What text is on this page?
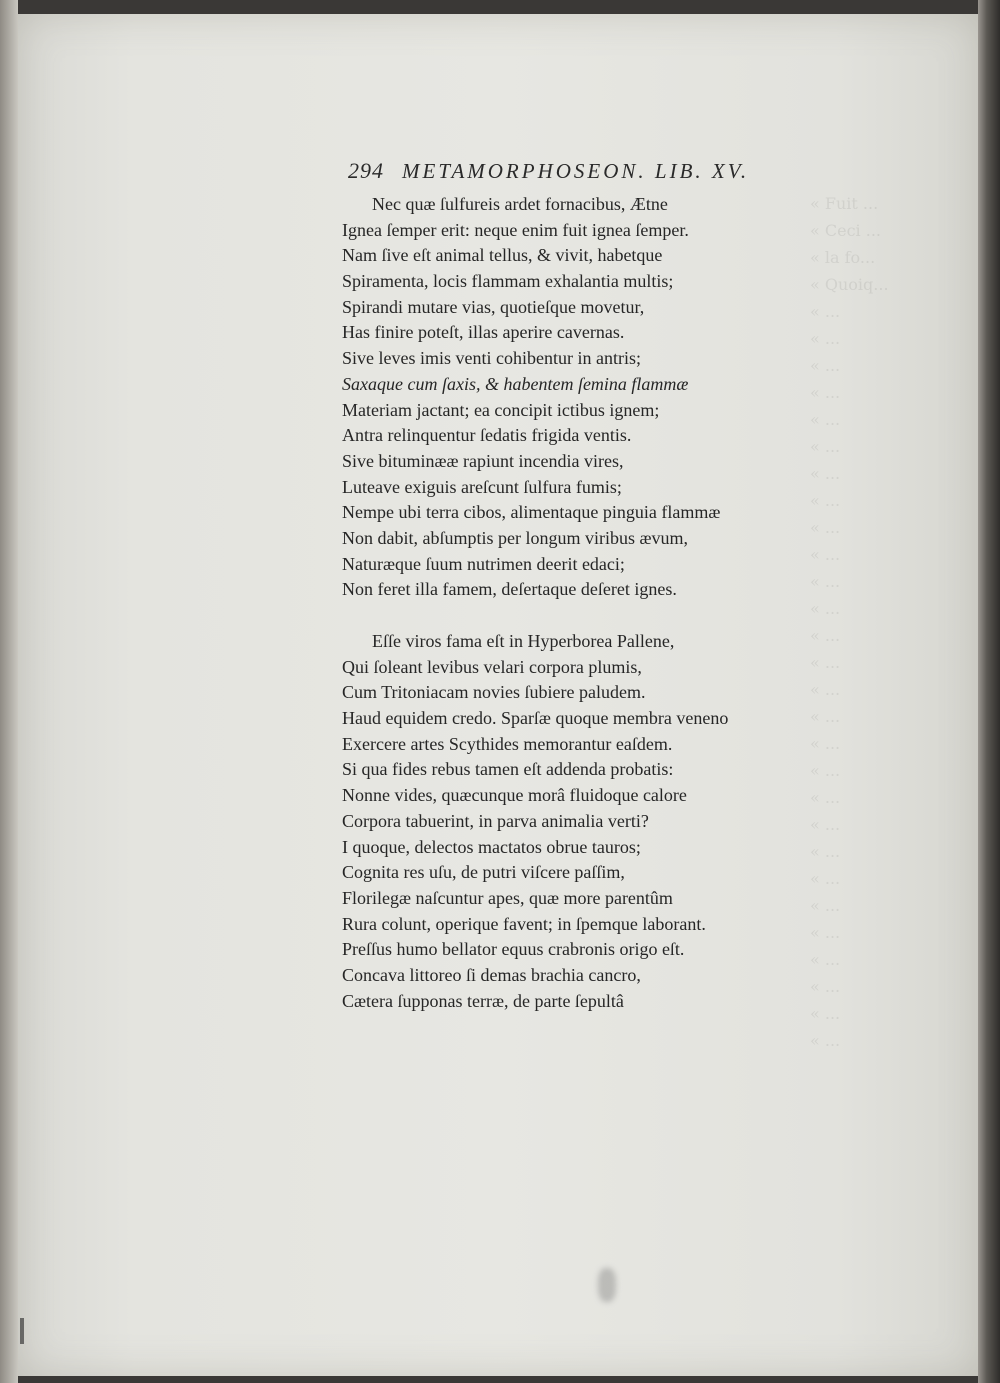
« Fuit ...
« Ceci ...
« la fo...
« Quoiq...
« ...
« ...
« ...
« ...
« ...
« ...
« ...
« ...
« ...
« ...
« ...
« ...
« ...
« ...
« ...
« ...
« ...
« ...
« ...
« ...
« ...
« ...
« ...
« ...
« ...
« ...
« ...
« ...
294 METAMORPHOSEON. LIB. XV.
Nec quæ ſulfureis ardet fornacibus, Ætne
Ignea ſemper erit: neque enim fuit ignea ſemper.
Nam ſive eſt animal tellus, & vivit, habetque
Spiramenta, locis flammam exhalantia multis;
Spirandi mutare vias, quotieſque movetur,
Has finire poteſt, illas aperire cavernas.
Sive leves imis venti cohibentur in antris;
Saxaque cum ſaxis, & habentem ſemina flammæ
Materiam jactant; ea concipit ictibus ignem;
Antra relinquentur ſedatis frigida ventis.
Sive bituminææ rapiunt incendia vires,
Luteave exiguis areſcunt ſulfura fumis;
Nempe ubi terra cibos, alimentaque pinguia flammæ
Non dabit, abſumptis per longum viribus ævum,
Naturæque ſuum nutrimen deerit edaci;
Non feret illa famem, deſertaque deſeret ignes.
Eſſe viros fama eſt in Hyperborea Pallene,
Qui ſoleant levibus velari corpora plumis,
Cum Tritoniacam novies ſubiere paludem.
Haud equidem credo. Sparſæ quoque membra veneno
Exercere artes Scythides memorantur eaſdem.
Si qua fides rebus tamen eſt addenda probatis:
Nonne vides, quæcunque morâ fluidoque calore
Corpora tabuerint, in parva animalia verti?
I quoque, delectos mactatos obrue tauros;
Cognita res uſu, de putri viſcere paſſim,
Florilegæ naſcuntur apes, quæ more parentûm
Rura colunt, operique favent; in ſpemque laborant.
Preſſus humo bellator equus crabronis origo eſt.
Concava littoreo ſi demas brachia cancro,
Cætera ſupponas terræ, de parte ſepultâ
